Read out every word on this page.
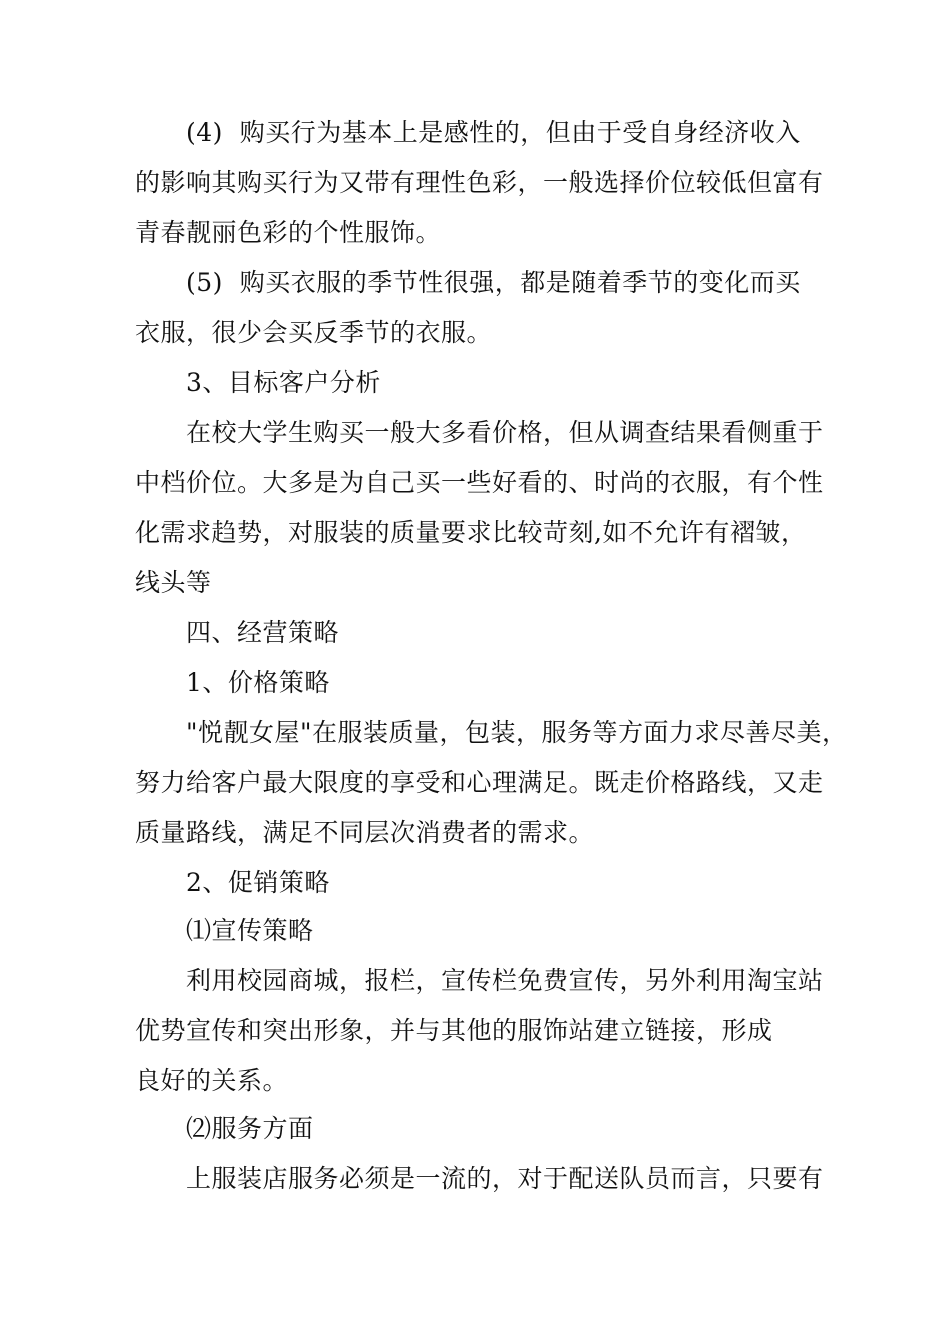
(4)  购买行为基本上是感性的，但由于受自身经济收入
的影响其购买行为又带有理性色彩，一般选择价位较低但富有
青春靓丽色彩的个性服饰。
(5)  购买衣服的季节性很强，都是随着季节的变化而买
衣服，很少会买反季节的衣服。
3、目标客户分析
在校大学生购买一般大多看价格，但从调查结果看侧重于
中档价位。大多是为自己买一些好看的、时尚的衣服，有个性
化需求趋势，对服装的质量要求比较苛刻,如不允许有褶皱，
线头等
四、经营策略
1、价格策略
"悦靓女屋"在服装质量，包装，服务等方面力求尽善尽美，
努力给客户最大限度的享受和心理满足。既走价格路线，又走
质量路线，满足不同层次消费者的需求。
2、促销策略
⑴宣传策略
利用校园商城，报栏，宣传栏免费宣传，另外利用淘宝站
优势宣传和突出形象，并与其他的服饰站建立链接，形成
良好的关系。
⑵服务方面
上服装店服务必须是一流的，对于配送队员而言，只要有
